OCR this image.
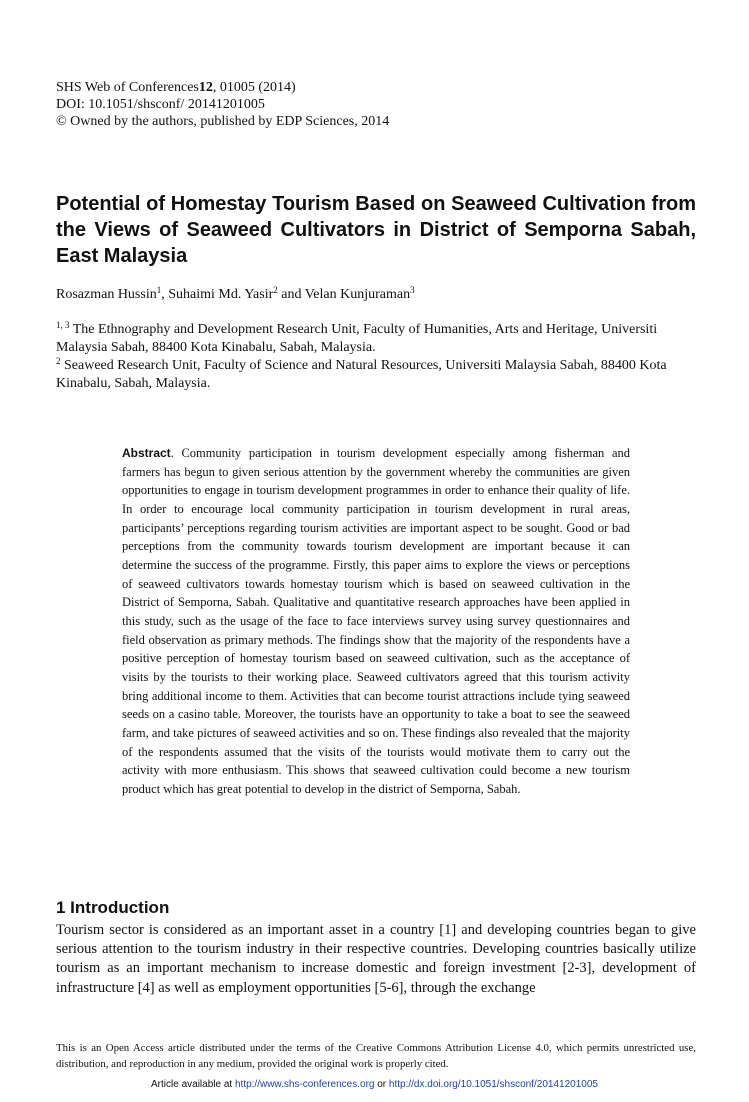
SHS Web of Conferences12, 01005 (2014)
DOI: 10.1051/shsconf/ 20141201005
© Owned by the authors, published by EDP Sciences, 2014
Potential of Homestay Tourism Based on Seaweed Cultivation from the Views of Seaweed Cultivators in District of Semporna Sabah, East Malaysia
Rosazman Hussin$^1$, Suhaimi Md. Yasir$^2$ and Velan Kunjuraman$^3$
$^{1, 3}$ The Ethnography and Development Research Unit, Faculty of Humanities, Arts and Heritage, Universiti Malaysia Sabah, 88400 Kota Kinabalu, Sabah, Malaysia.
$^2$ Seaweed Research Unit, Faculty of Science and Natural Resources, Universiti Malaysia Sabah, 88400 Kota Kinabalu, Sabah, Malaysia.
Abstract. Community participation in tourism development especially among fisherman and farmers has begun to given serious attention by the government whereby the communities are given opportunities to engage in tourism development programmes in order to enhance their quality of life. In order to encourage local community participation in tourism development in rural areas, participants’ perceptions regarding tourism activities are important aspect to be sought. Good or bad perceptions from the community towards tourism development are important because it can determine the success of the programme. Firstly, this paper aims to explore the views or perceptions of seaweed cultivators towards homestay tourism which is based on seaweed cultivation in the District of Semporna, Sabah. Qualitative and quantitative research approaches have been applied in this study, such as the usage of the face to face interviews survey using survey questionnaires and field observation as primary methods. The findings show that the majority of the respondents have a positive perception of homestay tourism based on seaweed cultivation, such as the acceptance of visits by the tourists to their working place. Seaweed cultivators agreed that this tourism activity bring additional income to them. Activities that can become tourist attractions include tying seaweed seeds on a casino table. Moreover, the tourists have an opportunity to take a boat to see the seaweed farm, and take pictures of seaweed activities and so on. These findings also revealed that the majority of the respondents assumed that the visits of the tourists would motivate them to carry out the activity with more enthusiasm. This shows that seaweed cultivation could become a new tourism product which has great potential to develop in the district of Semporna, Sabah.
1 Introduction
Tourism sector is considered as an important asset in a country [1] and developing countries began to give serious attention to the tourism industry in their respective countries. Developing countries basically utilize tourism as an important mechanism to increase domestic and foreign investment [2-3], development of infrastructure [4] as well as employment opportunities [5-6], through the exchange
This is an Open Access article distributed under the terms of the Creative Commons Attribution License 4.0, which permits unrestricted use, distribution, and reproduction in any medium, provided the original work is properly cited.
Article available at http://www.shs-conferences.org or http://dx.doi.org/10.1051/shsconf/20141201005
